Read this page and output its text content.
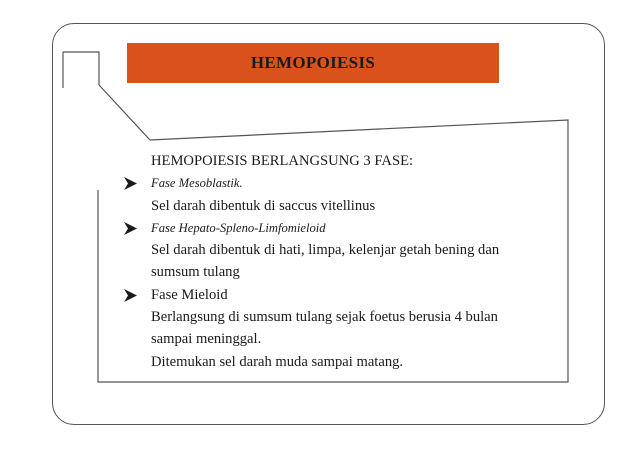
HEMOPOIESIS
HEMOPOIESIS BERLANGSUNG 3 FASE:
Fase Mesoblastik.
Sel darah dibentuk di saccus vitellinus
Fase Hepato-Spleno-Limfomieloid
Sel darah dibentuk di hati, limpa, kelenjar getah bening dan
sumsum tulang
Fase Mieloid
Berlangsung di sumsum tulang sejak foetus berusia 4 bulan
sampai meninggal.
Ditemukan sel darah muda sampai matang.
